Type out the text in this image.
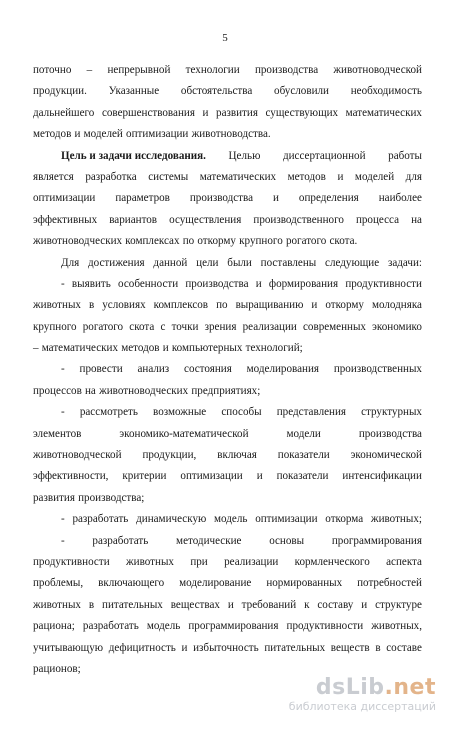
5
поточно – непрерывной технологии производства животноводческой
продукции. Указанные обстоятельства обусловили необходимость
дальнейшего совершенствования и развития существующих математических
методов и моделей оптимизации животноводства.
Цель и задачи исследования. Целью диссертационной работы
является разработка системы математических методов и моделей для
оптимизации параметров производства и определения наиболее
эффективных вариантов осуществления производственного процесса на
животноводческих комплексах по откорму крупного рогатого скота.
Для достижения данной цели были поставлены следующие задачи:
- выявить особенности производства и формирования продуктивности
животных в условиях комплексов по выращиванию и откорму молодняка
крупного рогатого скота с точки зрения реализации современных экономико
– математических методов и компьютерных технологий;
- провести анализ состояния моделирования производственных
процессов на животноводческих предприятиях;
- рассмотреть возможные способы представления структурных
элементов	экономико-математической	модели	производства
животноводческой продукции, включая показатели экономической
эффективности, критерии оптимизации и показатели интенсификации
развития производства;
- разработать динамическую модель оптимизации откорма животных;
- разработать методические основы программирования
продуктивности животных при реализации кормленческого аспекта
проблемы, включающего моделирование нормированных потребностей
животных в питательных веществах и требований к составу и структуре
рациона; разработать модель программирования продуктивности животных,
учитывающую дефицитность и избыточность питательных веществ в составе
рационов;
dsLib.net
библиотека диссертаций
